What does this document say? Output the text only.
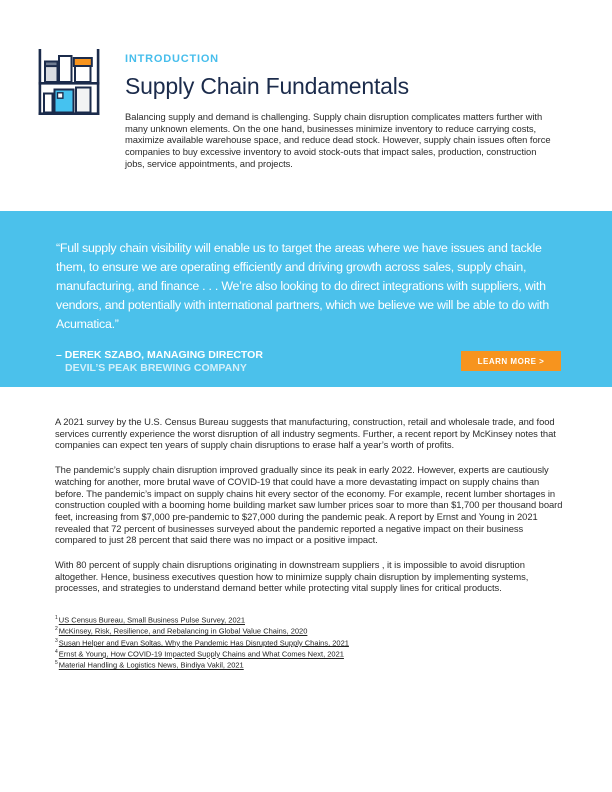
INTRODUCTION
Supply Chain Fundamentals

Balancing supply and demand is challenging. Supply chain disruption complicates matters further with many unknown elements. On the one hand, businesses minimize inventory to reduce carrying costs, maximize available warehouse space, and reduce dead stock. However, supply chain issues often force companies to buy excessive inventory to avoid stock-outs that impact sales, production, construction jobs, service appointments, and projects.

“Full supply chain visibility will enable us to target the areas where we have issues and tackle them, to ensure we are operating efficiently and driving growth across sales, supply chain, manufacturing, and finance . . . We’re also looking to do direct integrations with suppliers, with vendors, and potentially with international partners, which we believe we will be able to do with Acumatica.”

– DEREK SZABO, MANAGING DIRECTOR
DEVIL’S PEAK BREWING COMPANY
LEARN MORE >

A 2021 survey by the U.S. Census Bureau suggests that manufacturing, construction, retail and wholesale trade, and food services currently experience the worst disruption of all industry segments. Further, a recent report by McKinsey notes that companies can expect ten years of supply chain disruptions to erase half a year’s worth of profits.

The pandemic’s supply chain disruption improved gradually since its peak in early 2022. However, experts are cautiously watching for another, more brutal wave of COVID-19 that could have a more devastating impact on supply chains than before. The pandemic’s impact on supply chains hit every sector of the economy. For example, recent lumber shortages in construction coupled with a booming home building market saw lumber prices soar to more than $1,700 per thousand board feet, increasing from $7,000 pre-pandemic to $27,000 during the pandemic peak. A report by Ernst and Young in 2021 revealed that 72 percent of businesses surveyed about the pandemic reported a negative impact on their business compared to just 28 percent that said there was no impact or a positive impact.

With 80 percent of supply chain disruptions originating in downstream suppliers , it is impossible to avoid disruption altogether. Hence, business executives question how to minimize supply chain disruption by implementing systems, processes, and strategies to understand demand better while protecting vital supply lines for critical products.

$^1$US Census Bureau, Small Business Pulse Survey, 2021
$^2$McKinsey, Risk, Resilience, and Rebalancing in Global Value Chains, 2020
$^3$Susan Helper and Evan Soltas, Why the Pandemic Has Disrupted Supply Chains, 2021
$^4$Ernst & Young, How COVID-19 Impacted Supply Chains and What Comes Next, 2021
$^5$Material Handling & Logistics News, Bindiya Vakil, 2021
